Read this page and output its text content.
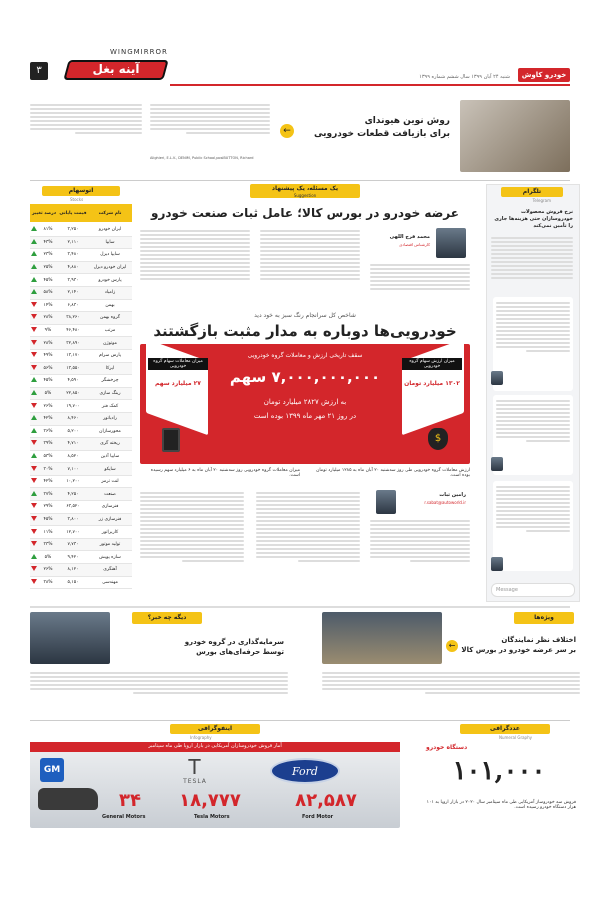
WINGMIRROR
آینه بغل
۳
شنبه ۲۴ آبان ۱۳۹۹ سال ششم شماره ۱۳۹۹	خودرو کاوش
روش نوین هیوندای
برای بازیافت قطعات خودرویی
←
Alighieri, E.L.V., DENIM, Public School,posiBUTTON, Richard
تلگرام
Telegram
نرخ فروش محصولات خودروسازان حتی هزینه‌ها جاری را تأمین نمی‌کند
Message
یک مسئله، یک پیشنهاد
Suggestion
عرضه خودرو در بورس کالا؛ عامل ثبات صنعت خودرو
محمد فرج اللهی
کارشناس اقتصادی
شاخص کل سرانجام رنگ سبز به خود دید
خودرویی‌ها دوباره به مدار مثبت بازگشتند
سقف تاریخی ارزش و معاملات گروه خودرویی
۷,۰۰۰,۰۰۰,۰۰۰ سهم
به ارزش ۲۸۲۷ میلیارد تومان
در روز ۲۱ مهر ماه ۱۳۹۹ بوده است
میزان معاملات سهام گروه خودرویی
۲۷ میلیارد سهم
میزان ارزش سهام گروه خودرویی
۱۳۰۲ میلیارد تومان
$
میزان معاملات گروه خودرویی روز سه‌شنبه ۲۰ آبان ماه به ۶ میلیارد سهم رسیده است.
ارزش معاملات گروه خودرویی طی روز سه‌شنبه ۲۰ آبان ماه به ۱۲۸۵ میلیارد تومان بوده است.
رامین ثبات
r.sabat@autoworld.ir
اتوسهام
Stocks
نام شرکت
قیمت پایانی
درصد تغییر
ایران خودرو
۳,۲۵۰
۸۱%
سایپا
۲,۱۱۰
۴۳%
سایپا دیزل
۳,۴۸۰
۲۳%
ایران خودرو دیزل
۴,۸۸۰
۲۵%
پارس خودرو
۳,۹۳۰
۴۵%
زامیاد
۲,۱۴۰
۵۸%
بهمن
۶,۸۳۰
۱۴%
گروه بهمن
۳۸,۲۶۰
۲۸%
مرتب
۴۶,۴۸۰
۹%
موتوژن
۳۲,۸۹۰
۲۸%
پارس سرام
۱۳,۱۷۰
۴۹%
ایرکا
۱۳,۵۵۰
۵۶%
چرخشگر
۴,۵۹۰
۴۵%
رینگ سازی
۲۲,۸۵۰
۵%
کمک فنر
۱۹,۷۰۰
۲۶%
رادیاتور
۸,۴۶۰
۴۲%
محورسازان
۵,۲۰۰
۳۶%
ریخته گری
۴,۷۱۰
۳۹%
سایپا آذین
۸,۵۲۰
۵۳%
ساپکو
۷,۱۰۰
۳۰%
لنت ترمز
۱۰,۲۰۰
۴۲%
صنعت
۴,۲۵۰
۳۷%
فنرسازی
۶۳,۵۲۰
۲۹%
فنرسازی زر
۳,۸۰۰
۴۵%
کاربراتور
۱۲,۷۰۰
۱۱%
تولید موتور
۷,۷۳۰
۳۳%
سازه پویش
۹,۴۲۰
۵%
آهنگری
۸,۱۲۰
۲۶%
مهندسی
۵,۱۵۰
۳۸%
ویژه‌ها
اختلاف نظر نمایندگان
بر سر عرضه خودرو در بورس کالا
←
دیگه چه خبر؟
سرمایه‌گذاری در گروه خودرو
توسط حرفه‌ای‌های بورس
عددگرافی
Numeral Graphy
دستگاه خودرو
۱۰۱,۰۰۰
فروش سه خودروساز آمریکایی طی ماه سپتامبر سال ۲۰۲۰ در بازار اروپا به ۱۰۱ هزار دستگاه خودرو رسیده است.
اینفوگرافی
Infography
آمار فروش خودروسازان آمریکایی در بازار اروپا طی ماه سپتامبر
Ford
۸۲,۵۸۷
Ford Motor
T
TESLA
۱۸,۷۷۷
Tesla Motors
GM
۳۴
General Motors
